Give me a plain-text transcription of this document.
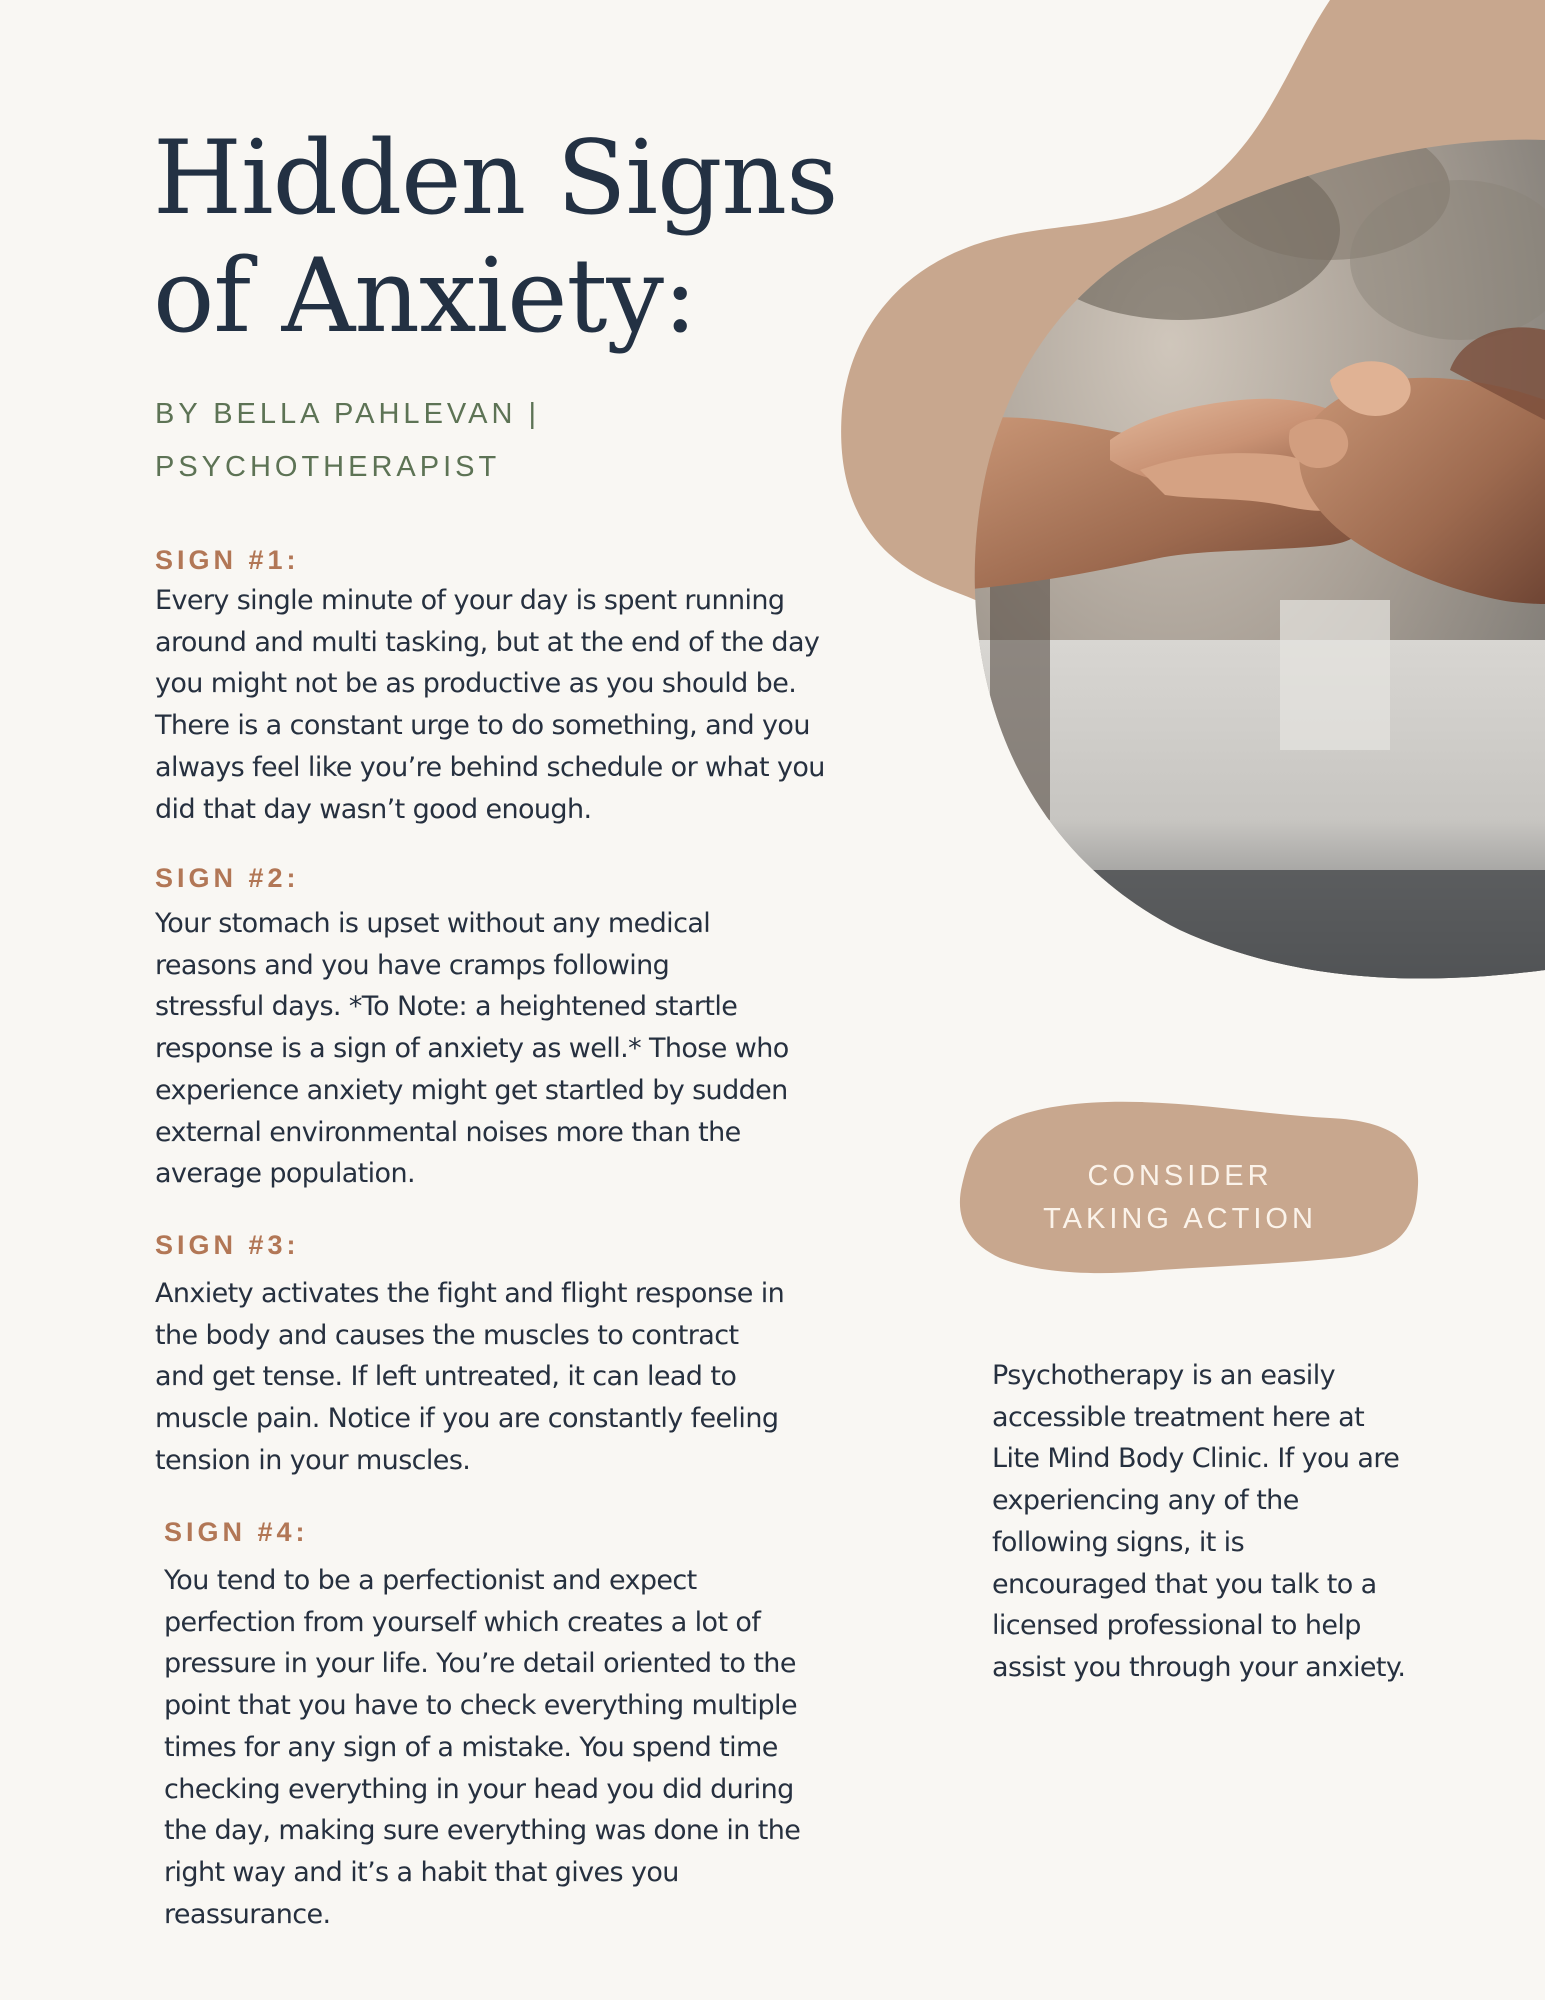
Hidden Signs
of Anxiety:
BY BELLA PAHLEVAN |
PSYCHOTHERAPIST
SIGN #1:

Every single minute of your day is spent running
around and multi tasking, but at the end of the day
you might not be as productive as you should be.
There is a constant urge to do something, and you
always feel like you’re behind schedule or what you
did that day wasn’t good enough.

SIGN #2:

Your stomach is upset without any medical
reasons and you have cramps following
stressful days. *To Note: a heightened startle
response is a sign of anxiety as well.* Those who
experience anxiety might get startled by sudden
external environmental noises more than the
average population.

SIGN #3:

Anxiety activates the fight and flight response in
the body and causes the muscles to contract
and get tense. If left untreated, it can lead to
muscle pain. Notice if you are constantly feeling
tension in your muscles.

SIGN #4:

You tend to be a perfectionist and expect
perfection from yourself which creates a lot of
pressure in your life. You’re detail oriented to the
point that you have to check everything multiple
times for any sign of a mistake. You spend time
checking everything in your head you did during
the day, making sure everything was done in the
right way and it’s a habit that gives you
reassurance.

CONSIDER
TAKING ACTION

Psychotherapy is an easily
accessible treatment here at
Lite Mind Body Clinic. If you are
experiencing any of the
following signs, it is
encouraged that you talk to a
licensed professional to help
assist you through your anxiety.
